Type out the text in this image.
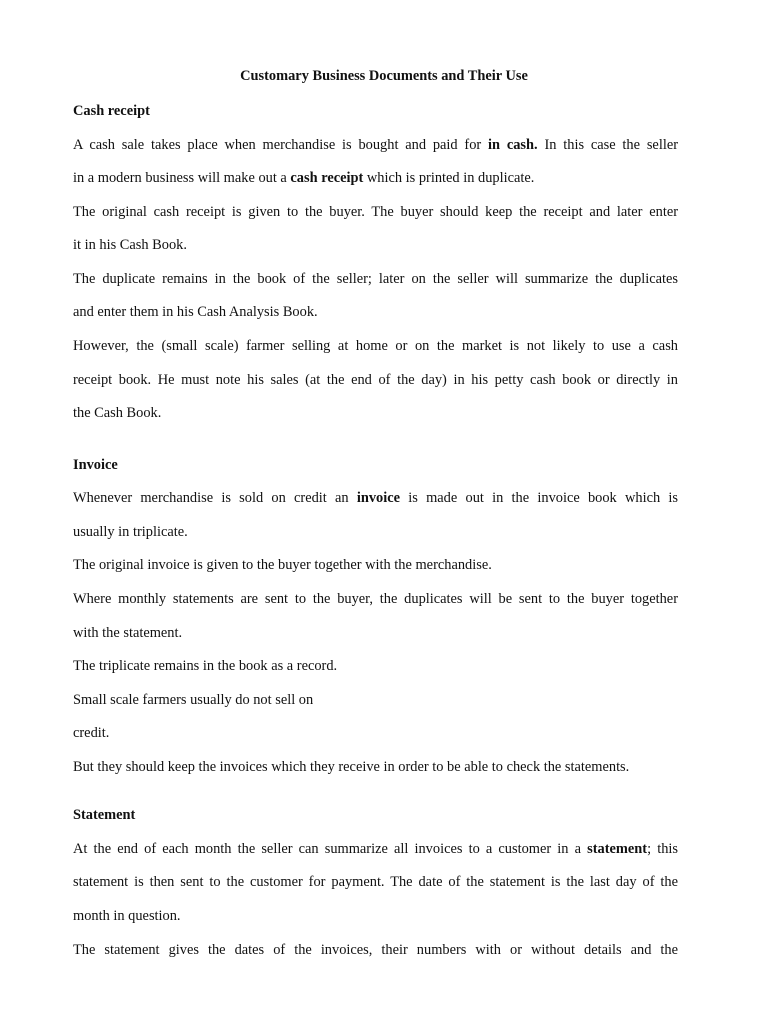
Customary Business Documents and Their Use
Cash receipt
A cash sale takes place when merchandise is bought and paid for in cash. In this case the seller
in a modern business will make out a cash receipt which is printed in duplicate.
The original cash receipt is given to the buyer. The buyer should keep the receipt and later enter
it in his Cash Book.
The duplicate remains in the book of the seller; later on the seller will summarize the duplicates
and enter them in his Cash Analysis Book.
However, the (small scale) farmer selling at home or on the market is not likely to use a cash
receipt book. He must note his sales (at the end of the day) in his petty cash book or directly in
the Cash Book.
Invoice
Whenever merchandise is sold on credit an invoice is made out in the invoice book which is
usually in triplicate.
The original invoice is given to the buyer together with the merchandise.
Where monthly statements are sent to the buyer, the duplicates will be sent to the buyer together
with the statement.
The triplicate remains in the book as a record.
Small scale farmers usually do not sell on
credit.
But they should keep the invoices which they receive in order to be able to check the statements.
Statement
At the end of each month the seller can summarize all invoices to a customer in a statement; this
statement is then sent to the customer for payment. The date of the statement is the last day of the
month in question.
The statement gives the dates of the invoices, their numbers with or without details and the
